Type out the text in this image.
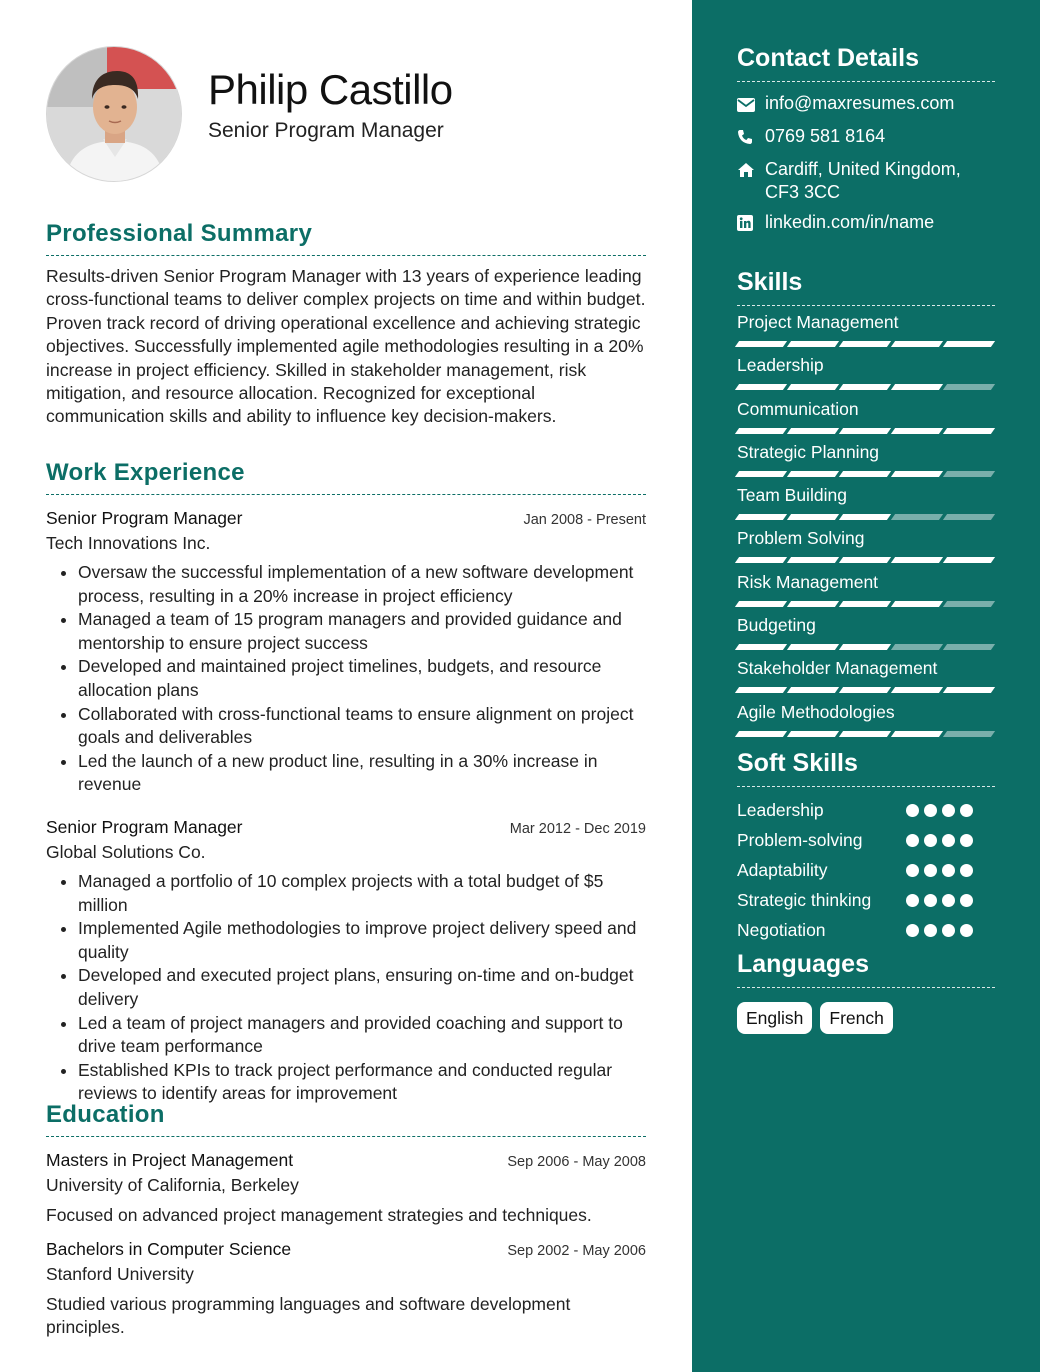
Philip Castillo
Senior Program Manager
Professional Summary
Results-driven Senior Program Manager with 13 years of experience leading cross-functional teams to deliver complex projects on time and within budget. Proven track record of driving operational excellence and achieving strategic objectives. Successfully implemented agile methodologies resulting in a 20% increase in project efficiency. Skilled in stakeholder management, risk mitigation, and resource allocation. Recognized for exceptional communication skills and ability to influence key decision-makers.
Work Experience
Senior Program Manager	Jan 2008 - Present
Tech Innovations Inc.
• Oversaw the successful implementation of a new software development process, resulting in a 20% increase in project efficiency
• Managed a team of 15 program managers and provided guidance and mentorship to ensure project success
• Developed and maintained project timelines, budgets, and resource allocation plans
• Collaborated with cross-functional teams to ensure alignment on project goals and deliverables
• Led the launch of a new product line, resulting in a 30% increase in revenue
Senior Program Manager	Mar 2012 - Dec 2019
Global Solutions Co.
• Managed a portfolio of 10 complex projects with a total budget of $5 million
• Implemented Agile methodologies to improve project delivery speed and quality
• Developed and executed project plans, ensuring on-time and on-budget delivery
• Led a team of project managers and provided coaching and support to drive team performance
• Established KPIs to track project performance and conducted regular reviews to identify areas for improvement
Education
Masters in Project Management	Sep 2006 - May 2008
University of California, Berkeley
Focused on advanced project management strategies and techniques.
Bachelors in Computer Science	Sep 2002 - May 2006
Stanford University
Studied various programming languages and software development principles.
Contact Details
info@maxresumes.com
0769 581 8164
Cardiff, United Kingdom,
CF3 3CC
linkedin.com/in/name
Skills
Project Management
Leadership
Communication
Strategic Planning
Team Building
Problem Solving
Risk Management
Budgeting
Stakeholder Management
Agile Methodologies
Soft Skills
Leadership
Problem-solving
Adaptability
Strategic thinking
Negotiation
Languages
English	French
